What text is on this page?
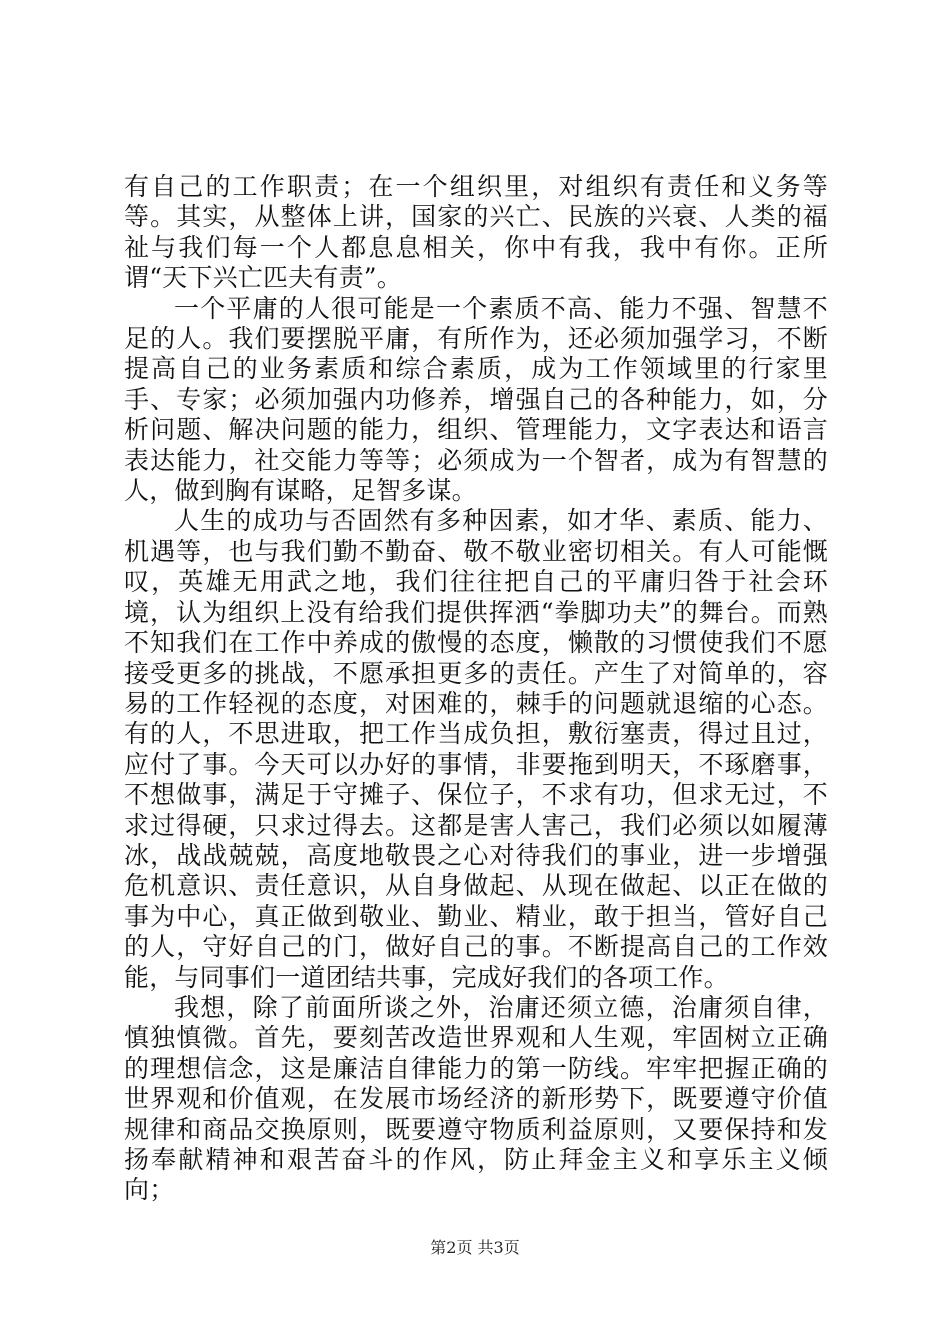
有自己的工作职责；在一个组织里，对组织有责任和义务等等。其实，从整体上讲，国家的兴亡、民族的兴衰、人类的福祉与我们每一个人都息息相关，你中有我，我中有你。正所谓“天下兴亡匹夫有责”。

一个平庸的人很可能是一个素质不高、能力不强、智慧不足的人。我们要摆脱平庸，有所作为，还必须加强学习，不断提高自己的业务素质和综合素质，成为工作领域里的行家里手、专家；必须加强内功修养，增强自己的各种能力，如，分析问题、解决问题的能力，组织、管理能力，文字表达和语言表达能力，社交能力等等；必须成为一个智者，成为有智慧的人，做到胸有谋略，足智多谋。

人生的成功与否固然有多种因素，如才华、素质、能力、机遇等，也与我们勤不勤奋、敬不敬业密切相关。有人可能慨叹，英雄无用武之地，我们往往把自己的平庸归咎于社会环境，认为组织上没有给我们提供挥洒“拳脚功夫”的舞台。而熟不知我们在工作中养成的傲慢的态度，懒散的习惯使我们不愿接受更多的挑战，不愿承担更多的责任。产生了对简单的，容易的工作轻视的态度，对困难的，棘手的问题就退缩的心态。有的人，不思进取，把工作当成负担，敷衍塞责，得过且过，应付了事。今天可以办好的事情，非要拖到明天，不琢磨事，不想做事，满足于守摊子、保位子，不求有功，但求无过，不求过得硬，只求过得去。这都是害人害己，我们必须以如履薄冰，战战兢兢，高度地敬畏之心对待我们的事业，进一步增强危机意识、责任意识，从自身做起、从现在做起、以正在做的事为中心，真正做到敬业、勤业、精业，敢于担当，管好自己的人，守好自己的门，做好自己的事。不断提高自己的工作效能，与同事们一道团结共事，完成好我们的各项工作。

我想，除了前面所谈之外，治庸还须立德，治庸须自律，慎独慎微。首先，要刻苦改造世界观和人生观，牢固树立正确的理想信念，这是廉洁自律能力的第一防线。牢牢把握正确的世界观和价值观，在发展市场经济的新形势下，既要遵守价值规律和商品交换原则，既要遵守物质利益原则，又要保持和发扬奉献精神和艰苦奋斗的作风，防止拜金主义和享乐主义倾向；

第2页 共3页
